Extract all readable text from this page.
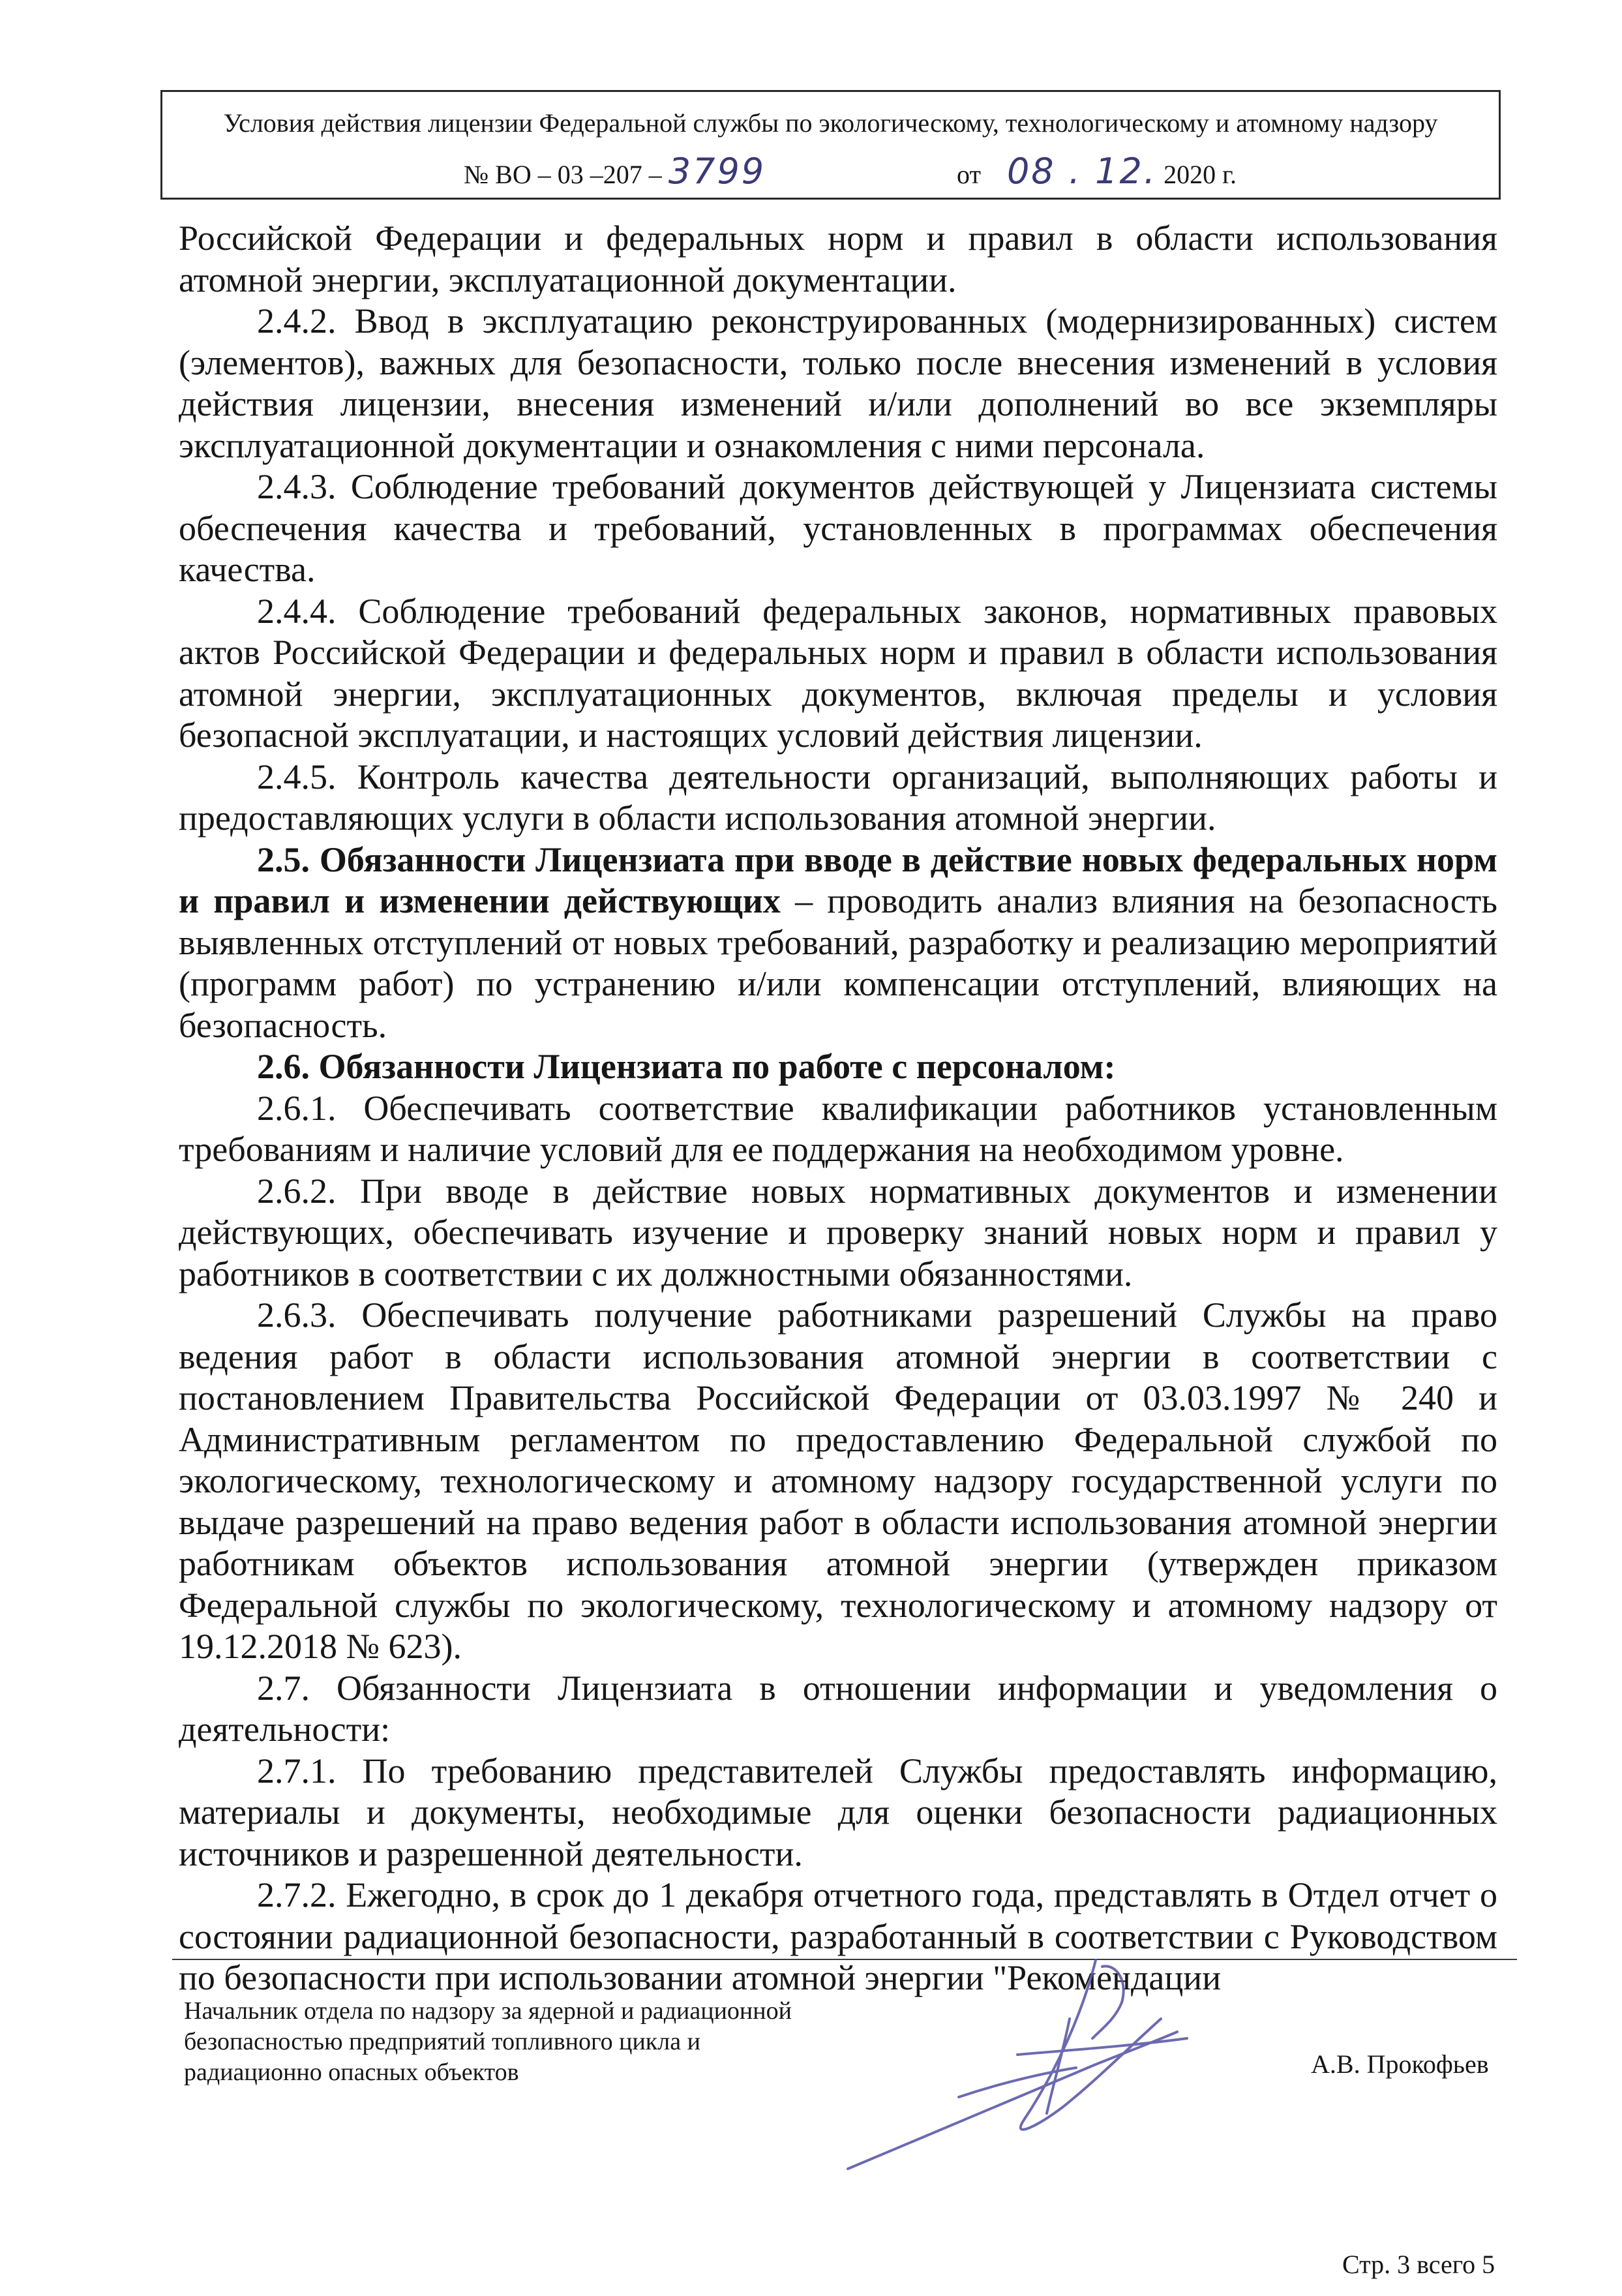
Условия действия лицензии Федеральной службы по экологическому, технологическому и атомному надзору
№ ВО – 03 –207 – 3799	от 08 . 12. 2020 г.

Российской Федерации и федеральных норм и правил в области использования атомной энергии, эксплуатационной документации.

2.4.2. Ввод в эксплуатацию реконструированных (модернизированных) систем (элементов), важных для безопасности, только после внесения изменений в условия действия лицензии, внесения изменений и/или дополнений во все экземпляры эксплуатационной документации и ознакомления с ними персонала.

2.4.3. Соблюдение требований документов действующей у Лицензиата системы обеспечения качества и требований, установленных в программах обеспечения качества.

2.4.4. Соблюдение требований федеральных законов, нормативных правовых актов Российской Федерации и федеральных норм и правил в области использования атомной энергии, эксплуатационных документов, включая пределы и условия безопасной эксплуатации, и настоящих условий действия лицензии.

2.4.5. Контроль качества деятельности организаций, выполняющих работы и предоставляющих услуги в области использования атомной энергии.

2.5. Обязанности Лицензиата при вводе в действие новых федеральных норм и правил и изменении действующих – проводить анализ влияния на безопасность выявленных отступлений от новых требований, разработку и реализацию мероприятий (программ работ) по устранению и/или компенсации отступлений, влияющих на безопасность.

2.6. Обязанности Лицензиата по работе с персоналом:

2.6.1. Обеспечивать соответствие квалификации работников установленным требованиям и наличие условий для ее поддержания на необходимом уровне.

2.6.2. При вводе в действие новых нормативных документов и изменении действующих, обеспечивать изучение и проверку знаний новых норм и правил у работников в соответствии с их должностными обязанностями.

2.6.3. Обеспечивать получение работниками разрешений Службы на право ведения работ в области использования атомной энергии в соответствии с постановлением Правительства Российской Федерации от 03.03.1997 № 240 и Административным регламентом по предоставлению Федеральной службой по экологическому, технологическому и атомному надзору государственной услуги по выдаче разрешений на право ведения работ в области использования атомной энергии работникам объектов использования атомной энергии (утвержден приказом Федеральной службы по экологическому, технологическому и атомному надзору от 19.12.2018 № 623).

2.7. Обязанности Лицензиата в отношении информации и уведомления о деятельности:

2.7.1. По требованию представителей Службы предоставлять информацию, материалы и документы, необходимые для оценки безопасности радиационных источников и разрешенной деятельности.

2.7.2. Ежегодно, в срок до 1 декабря отчетного года, представлять в Отдел отчет о состоянии радиационной безопасности, разработанный в соответствии с Руководством по безопасности при использовании атомной энергии "Рекомендации

Начальник отдела по надзору за ядерной и радиационной
безопасностью предприятий топливного цикла и
радиационно опасных объектов	А.В. Прокофьев
Стр. 3 всего 5
